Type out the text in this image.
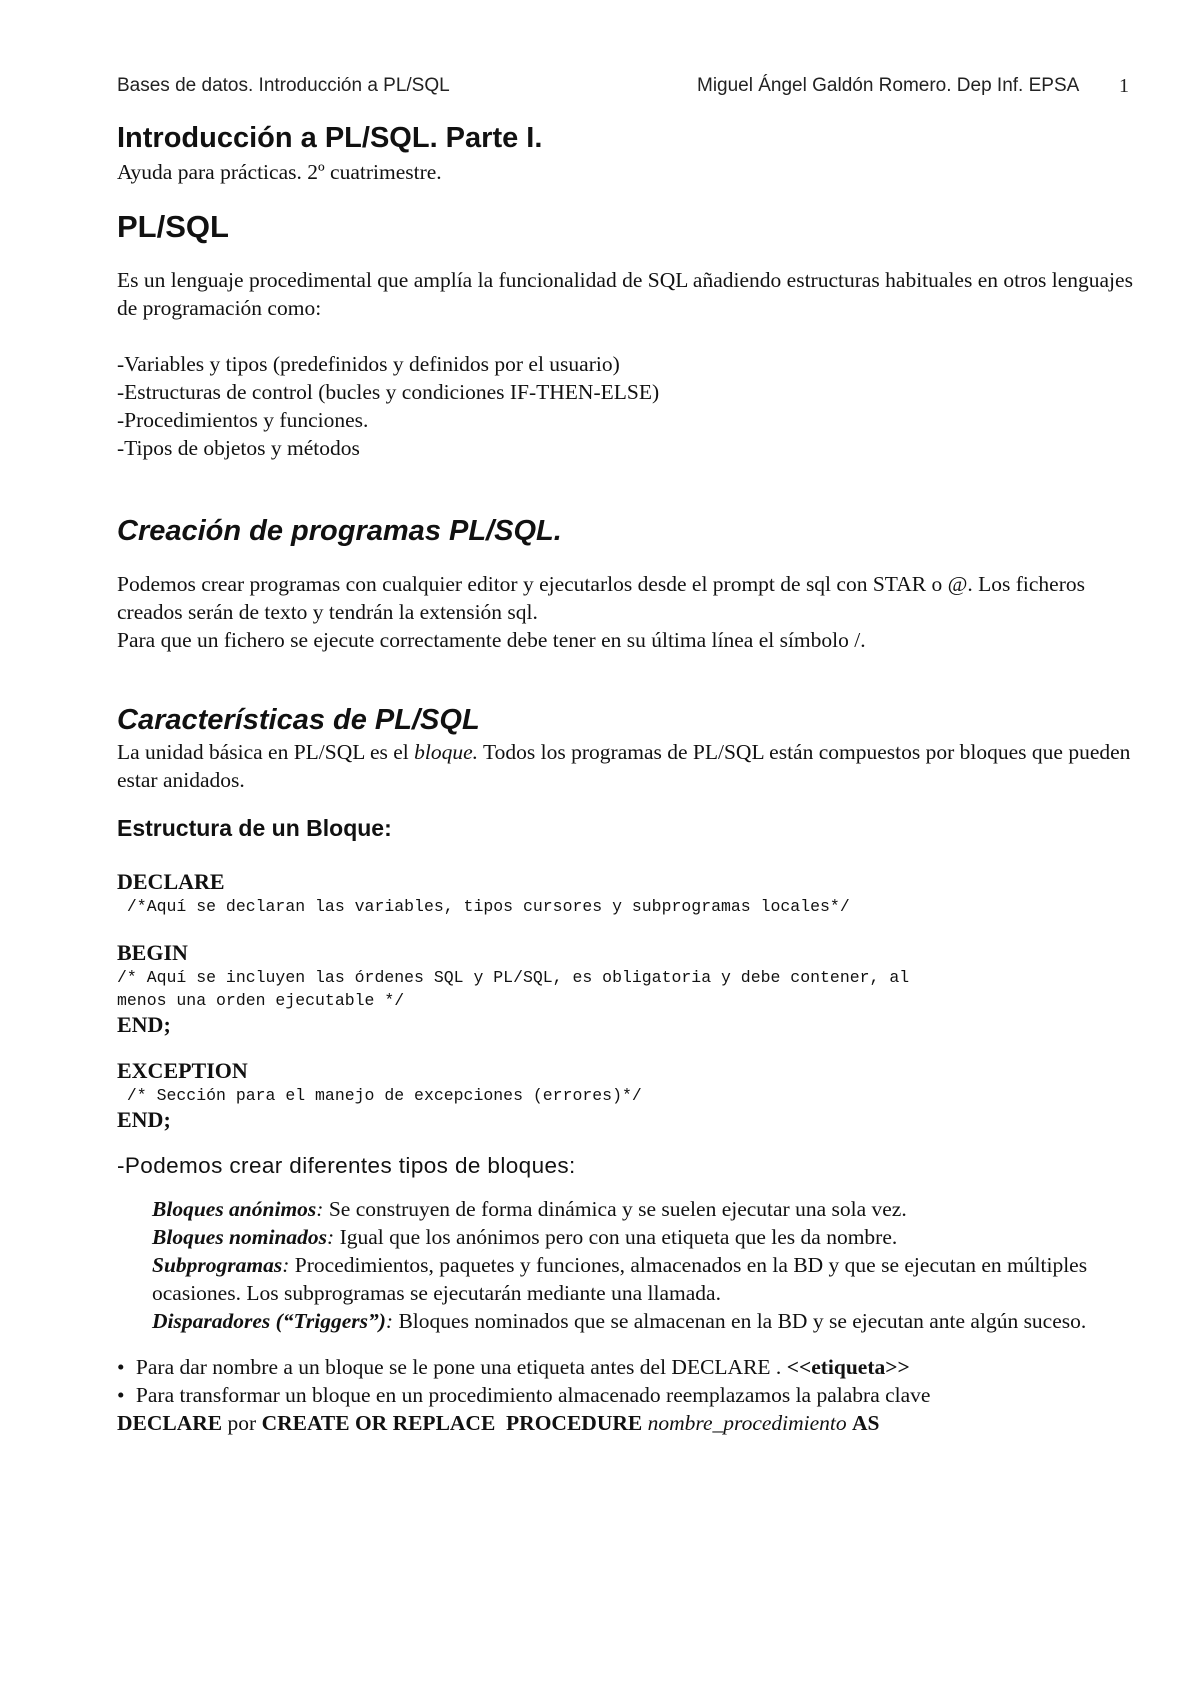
Bases de datos. Introducción a PL/SQL	Miguel Ángel Galdón Romero. Dep Inf. EPSA 1
Introducción a PL/SQL. Parte I.
Ayuda para prácticas. 2º cuatrimestre.
PL/SQL
Es un lenguaje procedimental que amplía la funcionalidad de SQL añadiendo estructuras habituales en otros lenguajes de programación como:
-Variables y tipos (predefinidos y definidos por el usuario)
-Estructuras de control (bucles y condiciones IF-THEN-ELSE)
-Procedimientos y funciones.
-Tipos de objetos y métodos
Creación de programas PL/SQL.
Podemos crear programas con cualquier editor y ejecutarlos desde el prompt de sql con STAR o @. Los ficheros creados serán de texto y tendrán la extensión sql.
Para que un fichero se ejecute correctamente debe tener en su última línea el símbolo /.
Características de PL/SQL
La unidad básica en PL/SQL es el bloque. Todos los programas de PL/SQL están compuestos por bloques que pueden estar anidados.
Estructura de un Bloque:
DECLARE
/*Aquí se declaran las variables, tipos cursores y subprogramas locales*/
BEGIN
/* Aquí se incluyen las órdenes SQL y PL/SQL, es obligatoria y debe contener, al
menos una orden ejecutable */
END;
EXCEPTION
/* Sección para el manejo de excepciones (errores)*/
END;
-Podemos crear diferentes tipos de bloques:
Bloques anónimos: Se construyen de forma dinámica y se suelen ejecutar una sola vez.
Bloques nominados: Igual que los anónimos pero con una etiqueta que les da nombre.
Subprogramas: Procedimientos, paquetes y funciones, almacenados en la BD y que se ejecutan en múltiples ocasiones. Los subprogramas se ejecutarán mediante una llamada.
Disparadores (“Triggers”): Bloques nominados que se almacenan en la BD y se ejecutan ante algún suceso.
• Para dar nombre a un bloque se le pone una etiqueta antes del DECLARE . <<etiqueta>>
• Para transformar un bloque en un procedimiento almacenado reemplazamos la palabra clave
DECLARE por CREATE OR REPLACE  PROCEDURE nombre_procedimiento AS
